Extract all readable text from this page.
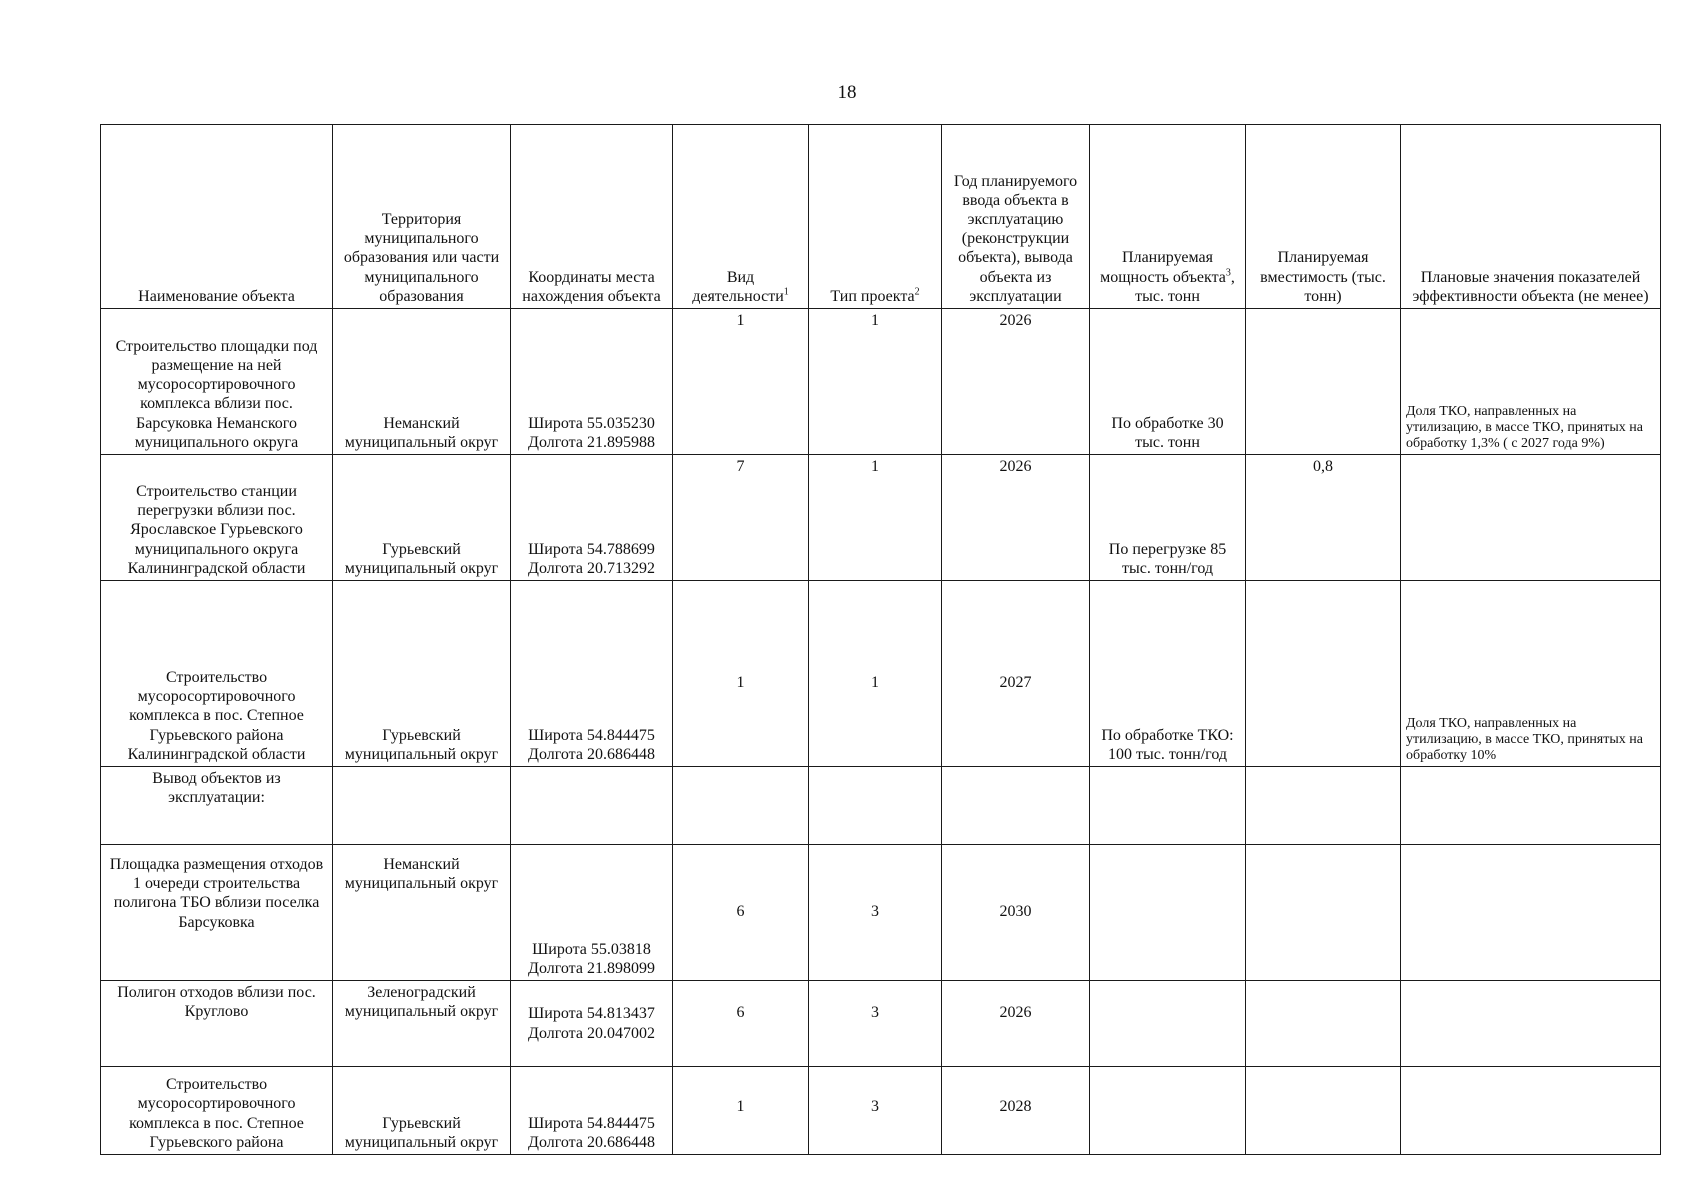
18
Наименование объекта	Территория муниципального образования или части муниципального образования	Координаты места нахождения объекта	Вид деятельности$^1$	Тип проекта$^2$	Год планируемого ввода объекта в эксплуатацию (реконструкции объекта), вывода объекта из эксплуатации	Планируемая мощность объекта$^3$, тыс. тонн	Планируемая вместимость (тыс. тонн)	Плановые значения показателей эффективности объекта (не менее)
Строительство площадки под размещение на ней мусоросортировочного комплекса вблизи пос. Барсуковка Неманского муниципального округа	Неманский муниципальный округ	Широта 55.035230
Долгота 21.895988	1	1	2026	По обработке 30 тыс. тонн		Доля ТКО, направленных на утилизацию, в массе ТКО, принятых на обработку 1,3% ( с 2027 года 9%)
Строительство станции перегрузки вблизи пос. Ярославское Гурьевского муниципального округа Калининградской области	Гурьевский муниципальный округ	Широта 54.788699
Долгота 20.713292	7	1	2026	По перегрузке 85 тыс. тонн/год	0,8	
Строительство мусоросортировочного комплекса в пос. Степное Гурьевского района Калининградской области	Гурьевский муниципальный округ	Широта 54.844475
Долгота 20.686448	1	1	2027	По обработке ТКО: 100 тыс. тонн/год		Доля ТКО, направленных на утилизацию, в массе ТКО, принятых на обработку 10%
Вывод объектов из эксплуатации:		

Площадка размещения отходов 1 очереди строительства полигона ТБО вблизи поселка Барсуковка	Неманский муниципальный округ	Широта 55.03818
Долгота 21.898099	6	3	2030			
Полигон отходов вблизи пос. Круглово	Зеленоградский муниципальный округ	Широта 54.813437
Долгота 20.047002	6	3	2026			
Строительство мусоросортировочного комплекса в пос. Степное Гурьевского района	Гурьевский муниципальный округ	Широта 54.844475
Долгота 20.686448	1	3	2028			
